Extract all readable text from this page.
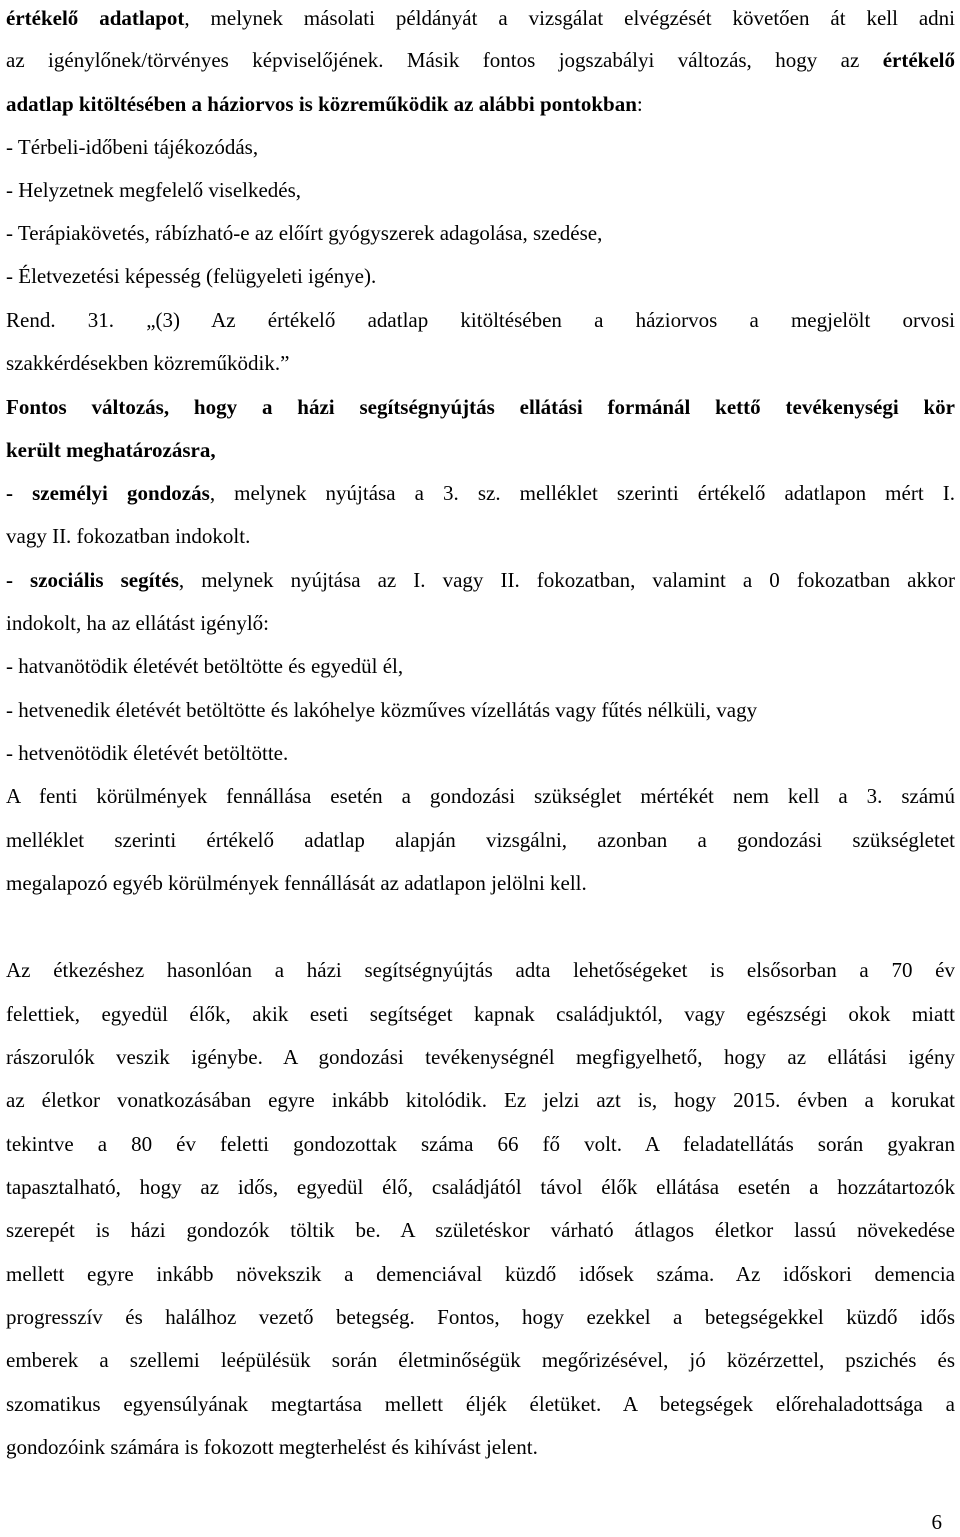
értékelő adatlapot, melynek másolati példányát a vizsgálat elvégzését követően át kell adni
az igénylőnek/törvényes képviselőjének. Másik fontos jogszabályi változás, hogy az értékelő
adatlap kitöltésében a háziorvos is közreműködik az alábbi pontokban:
- Térbeli-időbeni tájékozódás,
- Helyzetnek megfelelő viselkedés,
- Terápiakövetés, rábízható-e az előírt gyógyszerek adagolása, szedése,
- Életvezetési képesség (felügyeleti igénye).
Rend. 31. „(3) Az értékelő adatlap kitöltésében a háziorvos a megjelölt orvosi
szakkérdésekben közreműködik.”
Fontos változás, hogy a házi segítségnyújtás ellátási formánál kettő tevékenységi kör
került meghatározásra,
- személyi gondozás, melynek nyújtása a 3. sz. melléklet szerinti értékelő adatlapon mért I.
vagy II. fokozatban indokolt.
- szociális segítés, melynek nyújtása az I. vagy II. fokozatban, valamint a 0 fokozatban akkor
indokolt, ha az ellátást igénylő:
- hatvanötödik életévét betöltötte és egyedül él,
- hetvenedik életévét betöltötte és lakóhelye közműves vízellátás vagy fűtés nélküli, vagy
- hetvenötödik életévét betöltötte.
A fenti körülmények fennállása esetén a gondozási szükséglet mértékét nem kell a 3. számú
melléklet szerinti értékelő adatlap alapján vizsgálni, azonban a gondozási szükségletet
megalapozó egyéb körülmények fennállását az adatlapon jelölni kell.
Az étkezéshez hasonlóan a házi segítségnyújtás adta lehetőségeket is elsősorban a 70 év
felettiek, egyedül élők, akik eseti segítséget kapnak családjuktól, vagy egészségi okok miatt
rászorulók veszik igénybe. A gondozási tevékenységnél megfigyelhető, hogy az ellátási igény
az életkor vonatkozásában egyre inkább kitolódik. Ez jelzi azt is, hogy 2015. évben a korukat
tekintve a 80 év feletti gondozottak száma 66 fő volt. A feladatellátás során gyakran
tapasztalható, hogy az idős, egyedül élő, családjától távol élők ellátása esetén a hozzátartozók
szerepét is házi gondozók töltik be. A születéskor várható átlagos életkor lassú növekedése
mellett egyre inkább növekszik a demenciával küzdő idősek száma. Az időskori demencia
progresszív és halálhoz vezető betegség. Fontos, hogy ezekkel a betegségekkel küzdő idős
emberek a szellemi leépülésük során életminőségük megőrizésével, jó közérzettel, pszichés és
szomatikus egyensúlyának megtartása mellett éljék életüket. A betegségek előrehaladottsága a
gondozóink számára is fokozott megterhelést és kihívást jelent.
6
